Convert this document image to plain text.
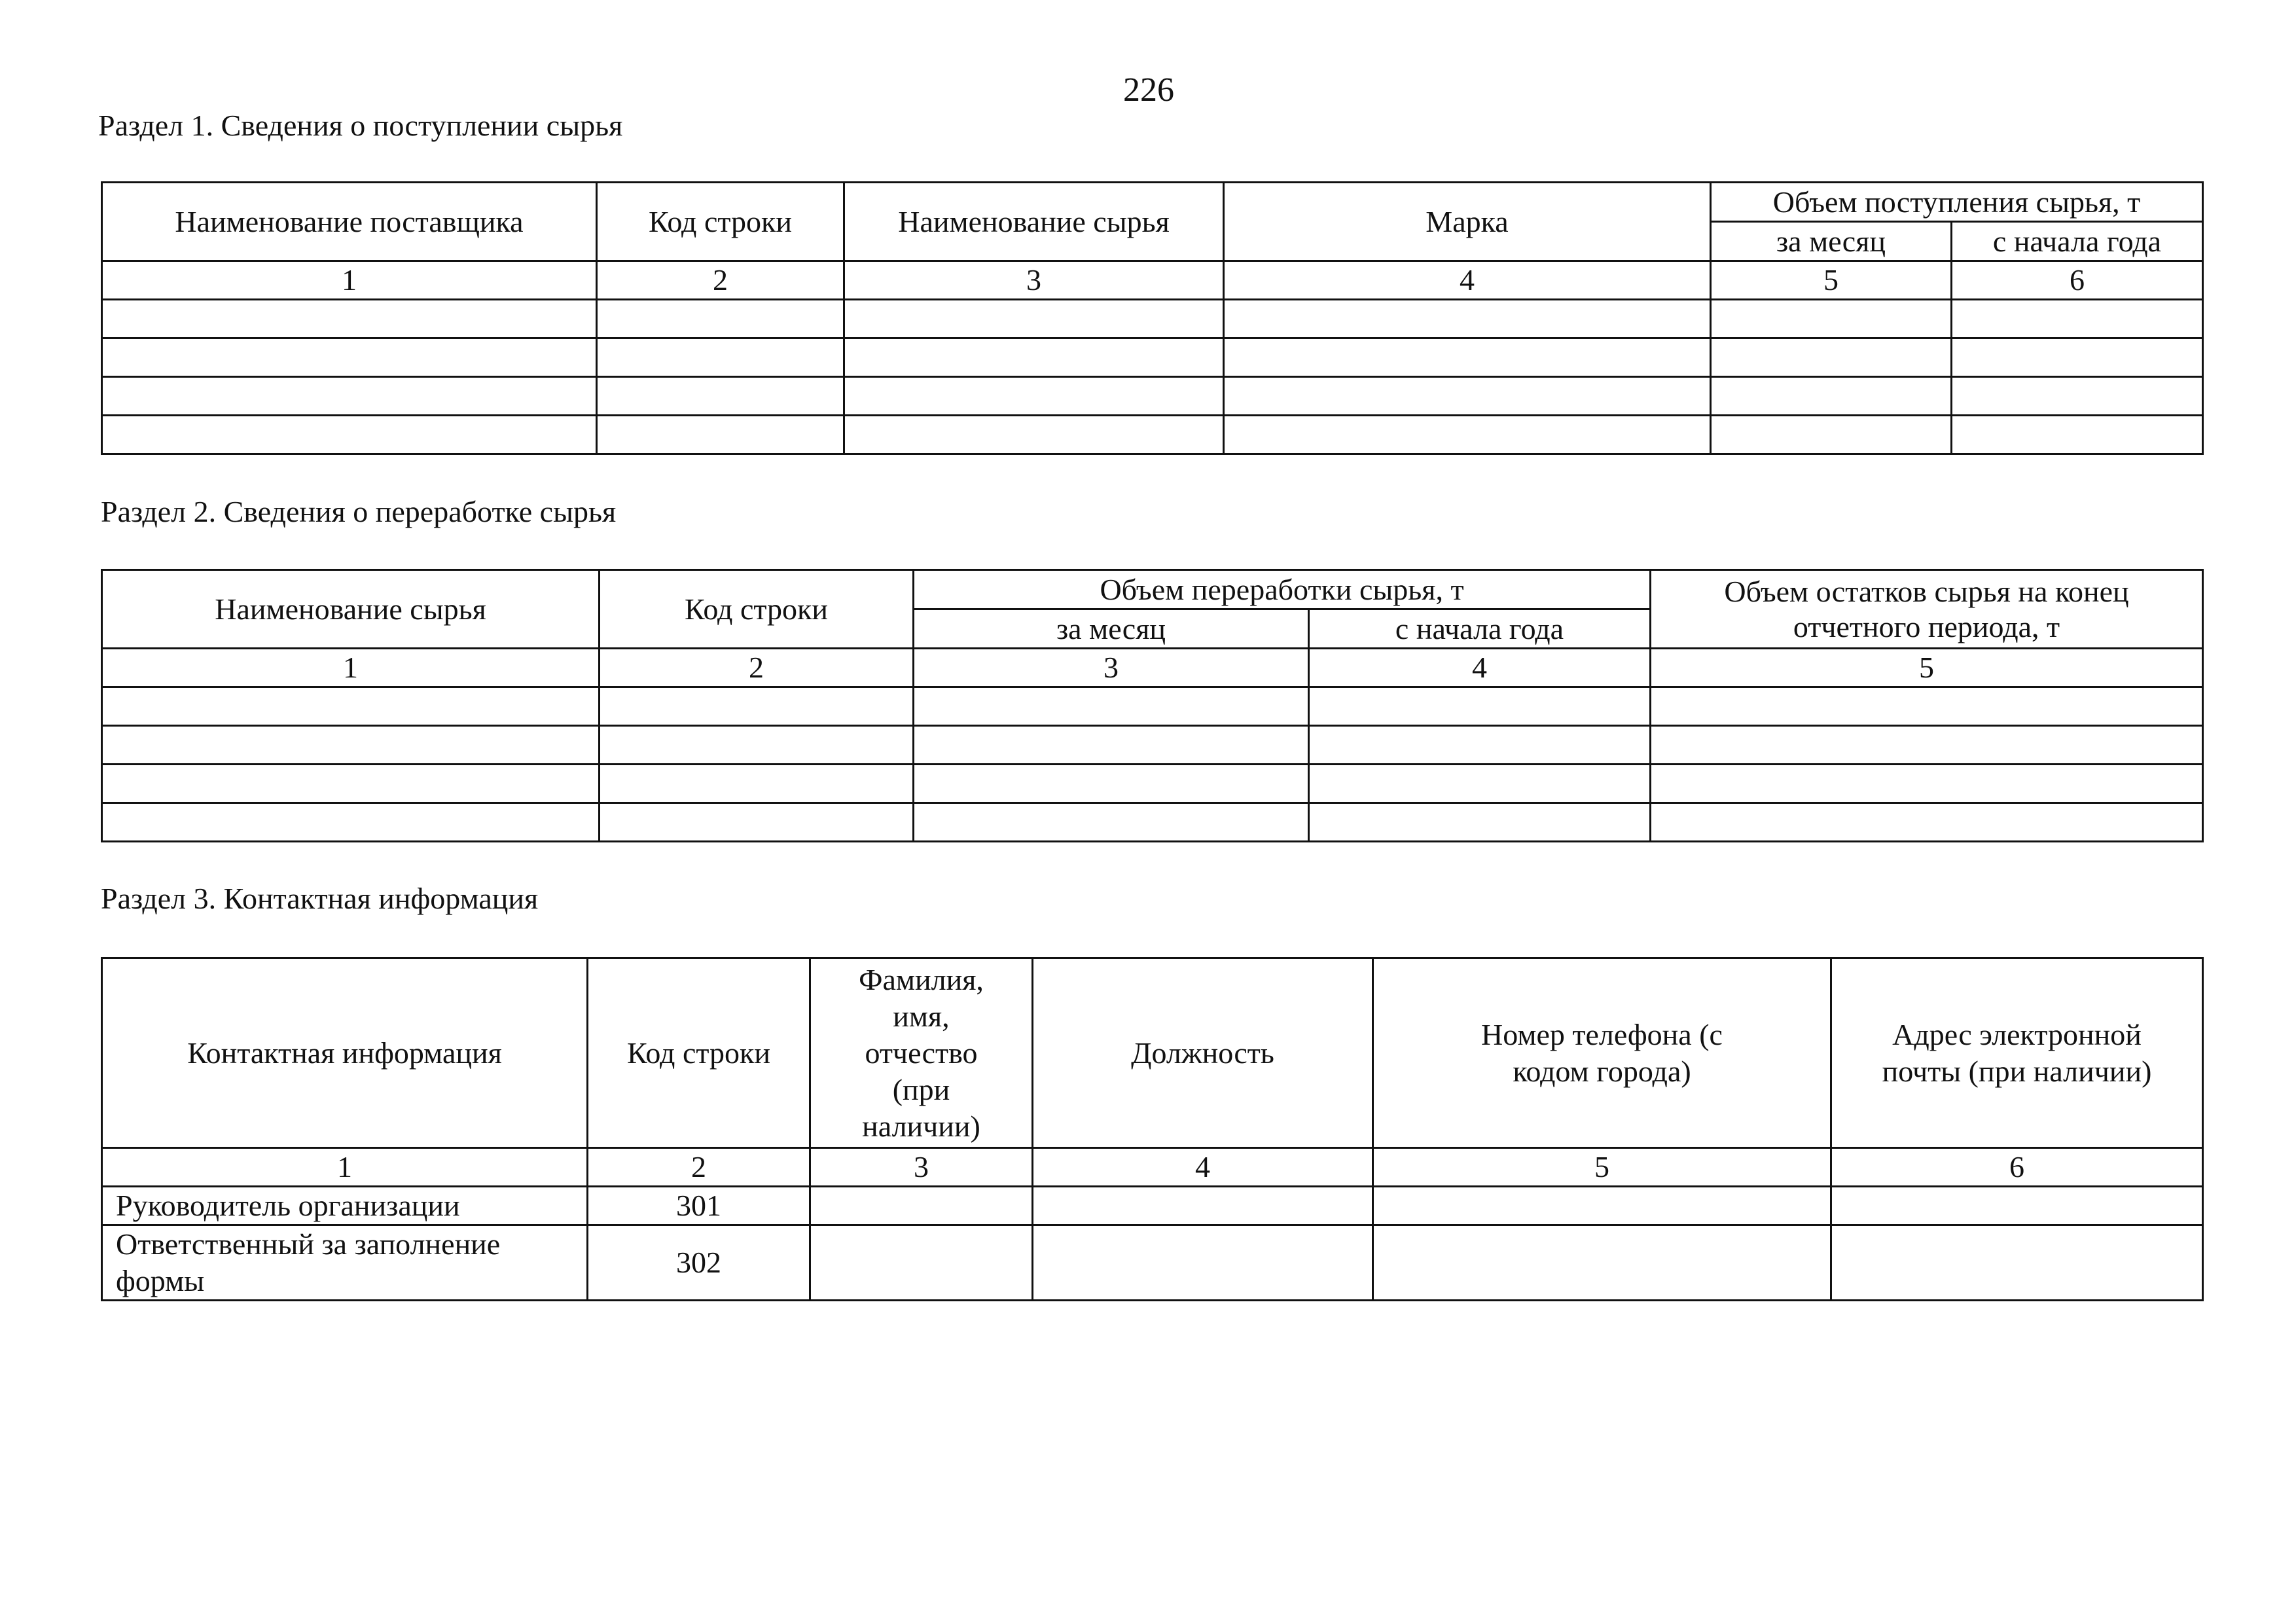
226
Раздел 1. Сведения о поступлении сырья
Наименование поставщика	Код строки	Наименование сырья	Марка	Объем поступления сырья, т	
				за месяц	с начала года
1	2	3	4	5	6

Раздел 2. Сведения о переработке сырья
Наименование сырья	Код строки	Объем переработки сырья, т		Объем остатков сырья на конец отчетного периода, т
		за месяц	с начала года	
1	2	3	4	5

Раздел 3. Контактная информация
Контактная информация	Код строки	Фамилия, имя, отчество (при наличии)	Должность	Номер телефона (с кодом города)	Адрес электронной почты (при наличии)
1	2	3	4	5	6
Руководитель организации	301				
Ответственный за заполнение формы	302				
